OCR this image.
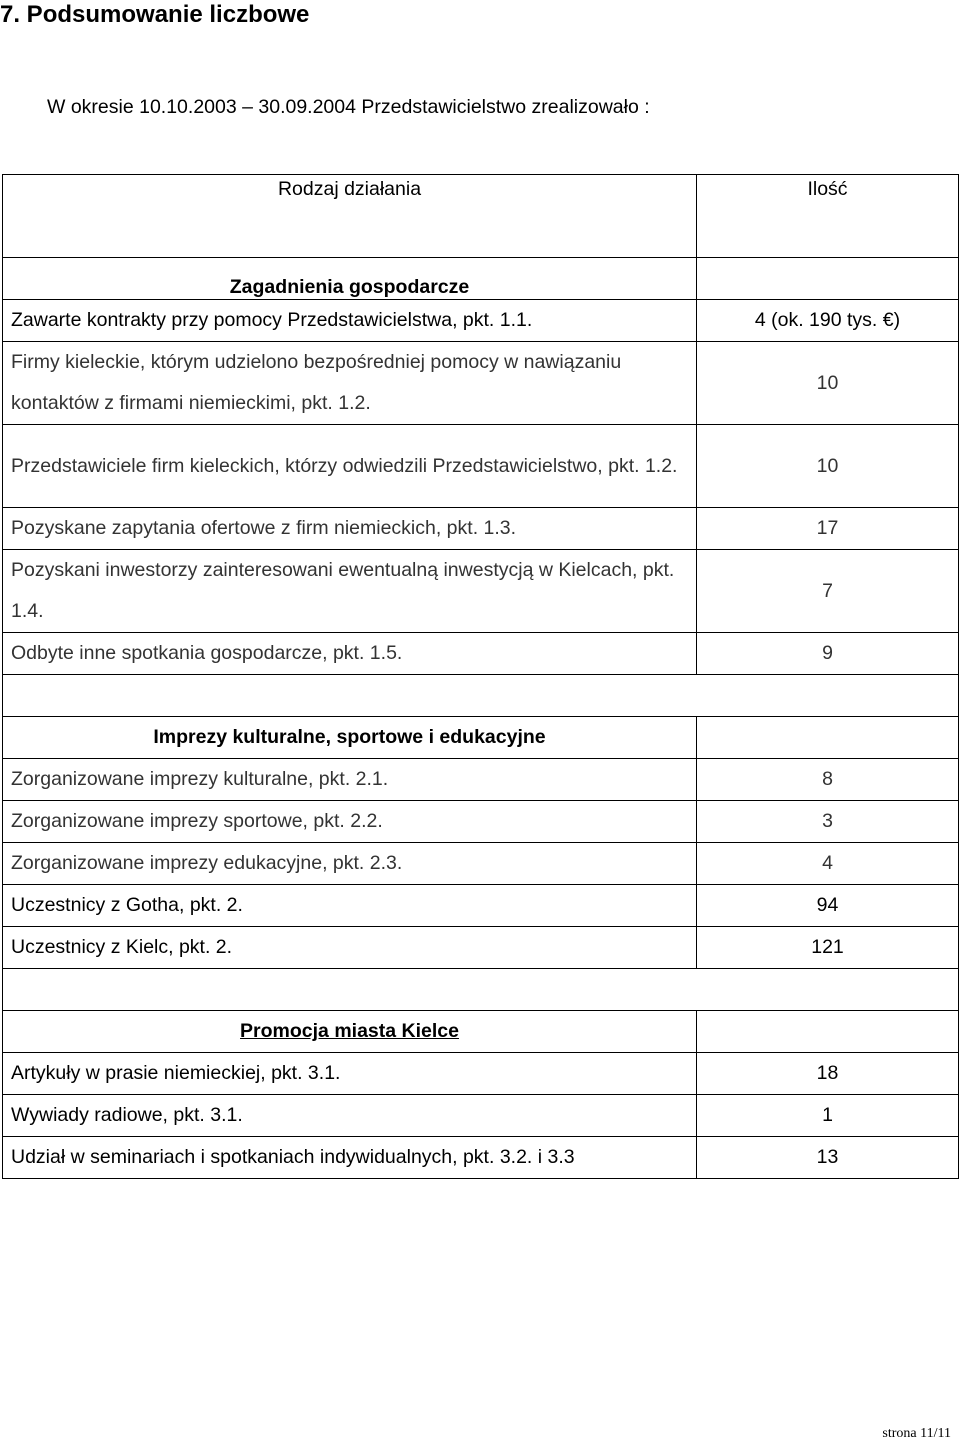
7. Podsumowanie liczbowe
W okresie 10.10.2003 – 30.09.2004 Przedstawicielstwo zrealizowało :
Rodzaj działania	Ilość
Zagadnienia gospodarcze	
Zawarte kontrakty przy pomocy Przedstawicielstwa, pkt. 1.1.	4 (ok. 190 tys. €)
Firmy kieleckie, którym udzielono bezpośredniej pomocy w nawiązaniu kontaktów z firmami niemieckimi, pkt. 1.2.	10
Przedstawiciele firm kieleckich, którzy odwiedzili Przedstawicielstwo, pkt. 1.2.	10
Pozyskane zapytania ofertowe z firm niemieckich, pkt. 1.3.	17
Pozyskani inwestorzy zainteresowani ewentualną inwestycją w Kielcach, pkt. 1.4.	7
Odbyte inne spotkania gospodarcze, pkt. 1.5.	9

Imprezy kulturalne, sportowe i edukacyjne	
Zorganizowane imprezy kulturalne, pkt. 2.1.	8
Zorganizowane imprezy sportowe, pkt. 2.2.	3
Zorganizowane imprezy edukacyjne, pkt. 2.3.	4
Uczestnicy z Gotha, pkt. 2.	94
Uczestnicy z Kielc, pkt. 2.	121

Promocja miasta Kielce	
Artykuły w prasie niemieckiej, pkt. 3.1.	18
Wywiady radiowe, pkt. 3.1.	1
Udział w seminariach i spotkaniach indywidualnych, pkt. 3.2. i 3.3	13
strona 11/11
